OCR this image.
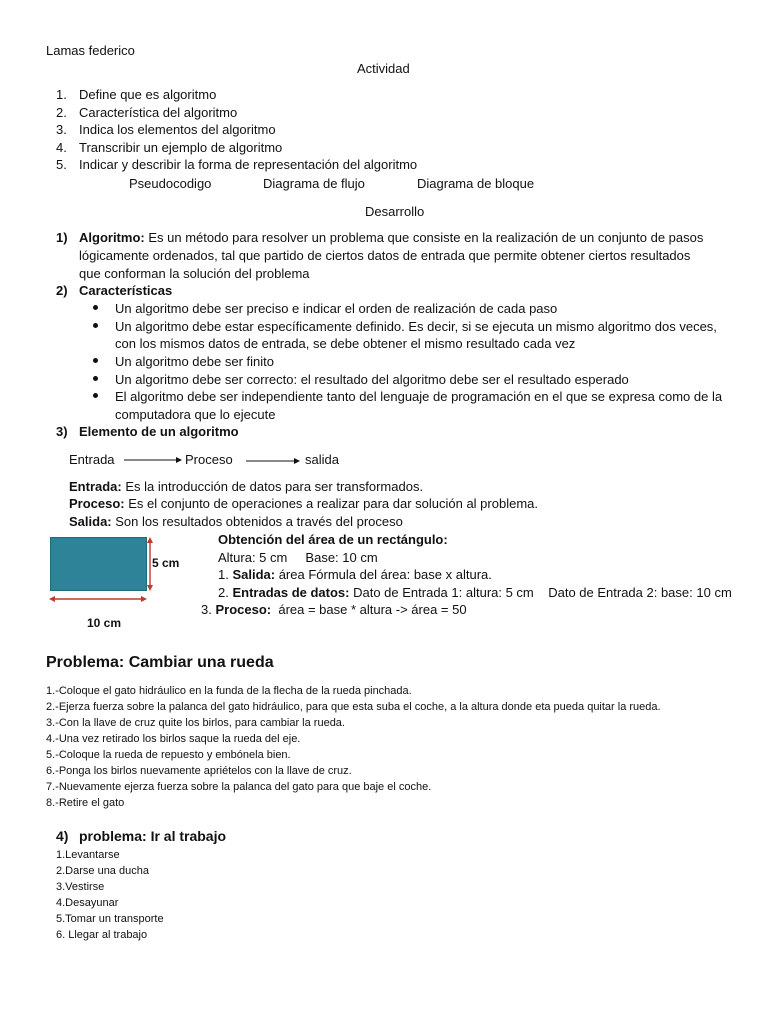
Lamas federico
Actividad
1. Define que es algoritmo
2. Característica del algoritmo
3. Indica los elementos del algoritmo
4. Transcribir un ejemplo de algoritmo
5. Indicar y describir la forma de representación del algoritmo
Pseudocodigo	Diagrama de flujo	Diagrama de bloque
Desarrollo
1) Algoritmo: Es un método para resolver un problema que consiste en la realización de un conjunto de pasos
lógicamente ordenados, tal que partido de ciertos datos de entrada que permite obtener ciertos resultados
que conforman la solución del problema
2) Características
Un algoritmo debe ser preciso e indicar el orden de realización de cada paso
Un algoritmo debe estar específicamente definido. Es decir, si se ejecuta un mismo algoritmo dos veces,
con los mismos datos de entrada, se debe obtener el mismo resultado cada vez
Un algoritmo debe ser finito
Un algoritmo debe ser correcto: el resultado del algoritmo debe ser el resultado esperado
El algoritmo debe ser independiente tanto del lenguaje de programación en el que se expresa como de la
computadora que lo ejecute
3) Elemento de un algoritmo
Entrada	Proceso	salida
Entrada: Es la introducción de datos para ser transformados.
Proceso: Es el conjunto de operaciones a realizar para dar solución al problema.
Salida: Son los resultados obtenidos a través del proceso
5 cm
10 cm
Obtención del área de un rectángulo:
Altura: 5 cm     Base: 10 cm
1. Salida: área Fórmula del área: base x altura.
2. Entradas de datos: Dato de Entrada 1: altura: 5 cm    Dato de Entrada 2: base: 10 cm
3. Proceso:  área = base * altura -> área = 50
Problema: Cambiar una rueda
1.-Coloque el gato hidráulico en la funda de la flecha de la rueda pinchada.
2.-Ejerza fuerza sobre la palanca del gato hidráulico, para que esta suba el coche, a la altura donde eta pueda quitar la rueda.
3.-Con la llave de cruz quite los birlos, para cambiar la rueda.
4.-Una vez retirado los birlos saque la rueda del eje.
5.-Coloque la rueda de repuesto y embónela bien.
6.-Ponga los birlos nuevamente apriételos con la llave de cruz.
7.-Nuevamente ejerza fuerza sobre la palanca del gato para que baje el coche.
8.-Retire el gato
4) problema: Ir al trabajo
1.Levantarse
2.Darse una ducha
3.Vestirse
4.Desayunar
5.Tomar un transporte
6. Llegar al trabajo
